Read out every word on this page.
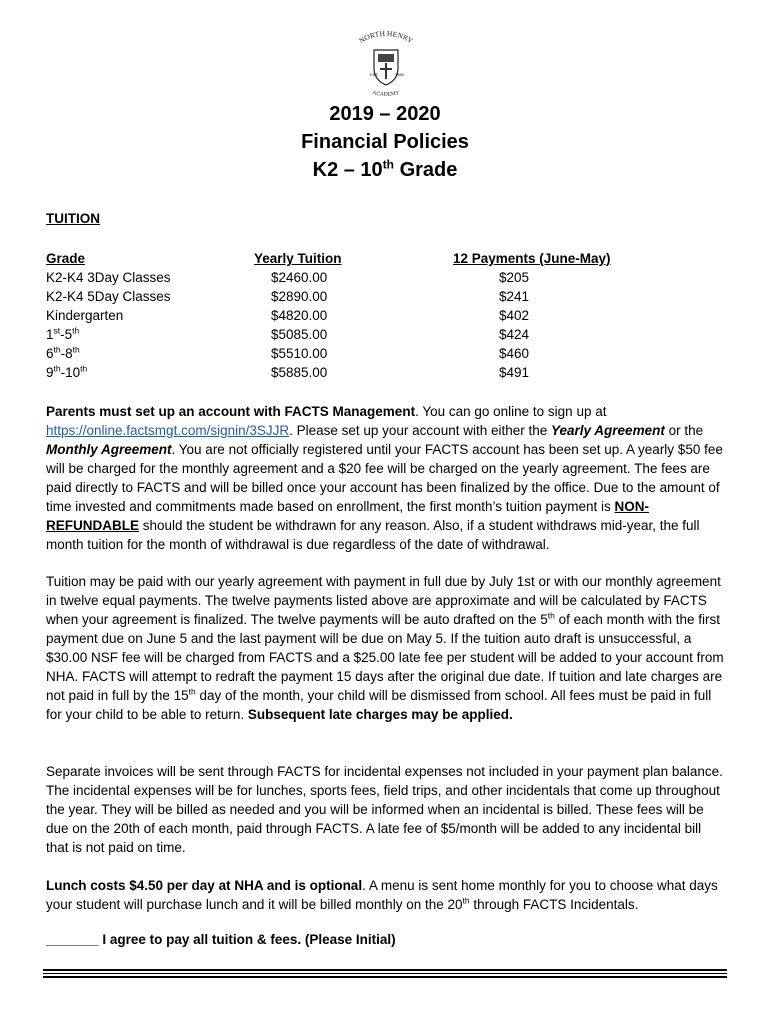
NORTH HENRY
EST.	1992
ACADEMY
2019 – 2020
Financial Policies
K2 – 10th Grade
TUITION
Grade	Yearly Tuition	12 Payments (June-May)
K2-K4 3Day Classes	$2460.00	$205
K2-K4 5Day Classes	$2890.00	$241
Kindergarten	$4820.00	$402
1st-5th	$5085.00	$424
6th-8th	$5510.00	$460
9th-10th	$5885.00	$491
Parents must set up an account with FACTS Management. You can go online to sign up at
https://online.factsmgt.com/signin/3SJJR. Please set up your account with either the Yearly Agreement or the
Monthly Agreement. You are not officially registered until your FACTS account has been set up. A yearly $50 fee will be charged for the monthly agreement and a $20 fee will be charged on the yearly agreement. The fees are paid directly to FACTS and will be billed once your account has been finalized by the office. Due to the amount of time invested and commitments made based on enrollment, the first month’s tuition payment is NON-REFUNDABLE should the student be withdrawn for any reason. Also, if a student withdraws mid-year, the full month tuition for the month of withdrawal is due regardless of the date of withdrawal.
Tuition may be paid with our yearly agreement with payment in full due by July 1st or with our monthly agreement in twelve equal payments. The twelve payments listed above are approximate and will be calculated by FACTS when your agreement is finalized. The twelve payments will be auto drafted on the 5th of each month with the first payment due on June 5 and the last payment will be due on May 5. If the tuition auto draft is unsuccessful, a $30.00 NSF fee will be charged from FACTS and a $25.00 late fee per student will be added to your account from NHA. FACTS will attempt to redraft the payment 15 days after the original due date. If tuition and late charges are not paid in full by the 15th day of the month, your child will be dismissed from school. All fees must be paid in full for your child to be able to return. Subsequent late charges may be applied.
Separate invoices will be sent through FACTS for incidental expenses not included in your payment plan balance. The incidental expenses will be for lunches, sports fees, field trips, and other incidentals that come up throughout the year. They will be billed as needed and you will be informed when an incidental is billed. These fees will be due on the 20th of each month, paid through FACTS. A late fee of $5/month will be added to any incidental bill that is not paid on time.
Lunch costs $4.50 per day at NHA and is optional. A menu is sent home monthly for you to choose what days your student will purchase lunch and it will be billed monthly on the 20th through FACTS Incidentals.
_______ I agree to pay all tuition & fees. (Please Initial)
